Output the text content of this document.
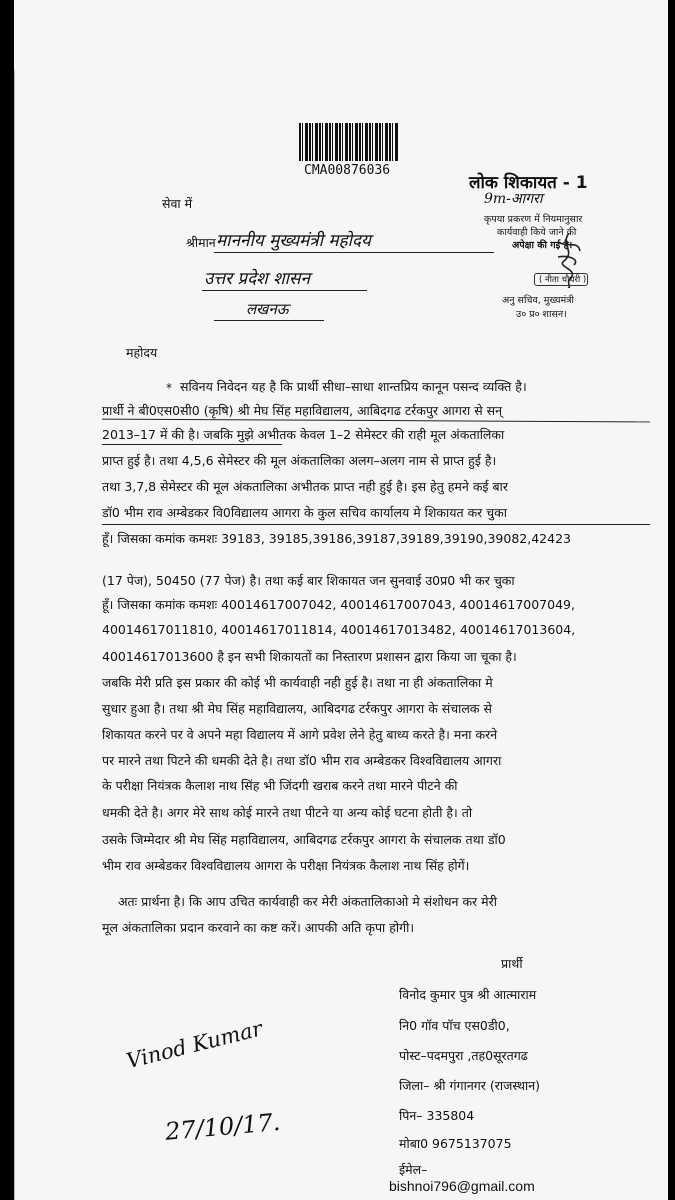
CMA00876036
लोक शिकायत - 1
9m-आगरा
कृपया प्रकरण में नियमानुसार
कार्यवाही किये जाने की
अपेक्षा की गई है।
( नीता चौधरी )
अनु सचिव, मुख्यमंत्री
उ० प्र० शासन।
सेवा में
श्रीमान माननीय मुख्यमंत्री महोदय
उत्तर प्रदेश शासन
लखनऊ
महोदय
* सविनय निवेदन यह है कि प्रार्थी सीधा–साधा शान्तप्रिय कानून पसन्द व्यक्ति है।
प्रार्थी ने बी0एस0सी0 (कृषि) श्री मेघ सिंह महाविद्यालय, आबिदगढ टर्रकपुर आगरा से सन्
2013–17 में की है। जबकि मुझे अभीतक केवल 1–2 सेमेस्टर की राही मूल अंकतालिका
प्राप्त हुई है। तथा 4,5,6 सेमेस्टर की मूल अंकतालिका अलग–अलग नाम से प्राप्त हुई है।
तथा 3,7,8 सेमेस्टर की मूल अंकतालिका अभीतक प्राप्त नही हुई है। इस हेतु हमने कई बार
डॉ0 भीम राव अम्बेडकर वि0विद्यालय आगरा के कुल सचिव कार्यालय मे शिकायत कर चुका
हूँ। जिसका कमांक कमशः 39183, 39185,39186,39187,39189,39190,39082,42423
(17 पेज), 50450 (77 पेज) है। तथा कई बार शिकायत जन सुनवाई उ0प्र0 भी कर चुका
हूँ। जिसका कमांक कमशः 40014617007042, 40014617007043, 40014617007049,
40014617011810, 40014617011814, 40014617013482, 40014617013604,
40014617013600 है इन सभी शिकायतों का निस्तारण प्रशासन द्वारा किया जा चूका है।
जबकि मेरी प्रति इस प्रकार की कोई भी कार्यवाही नही हुई है। तथा ना ही अंकतालिका मे
सुधार हुआ है। तथा श्री मेघ सिंह महाविद्यालय, आबिदगढ टर्रकपुर आगरा के संचालक से
शिकायत करने पर वे अपने महा विद्यालय में आगे प्रवेश लेने हेतु बाध्य करते है। मना करने
पर मारने तथा पिटने की धमकी देते है। तथा डॉ0 भीम राव अम्बेडकर विश्वविद्यालय आगरा
के परीक्षा नियंत्रक कैलाश नाथ सिंह भी जिंदगी खराब करने तथा मारने पीटने की
धमकी देते है। अगर मेरे साथ कोई मारने तथा पीटने या अन्य कोई घटना होती है। तो
उसके जिम्मेदार श्री मेघ सिंह महाविद्यालय, आबिदगढ टर्रकपुर आगरा के संचालक तथा डॉ0
भीम राव अम्बेडकर विश्वविद्यालय आगरा के परीक्षा नियंत्रक कैलाश नाथ सिंह होगें।
अतः प्रार्थना है। कि आप उचित कार्यवाही कर मेरी अंकतालिकाओ मे संशोधन कर मेरी
मूल अंकतालिका प्रदान करवाने का कष्ट करें। आपकी अति कृपा होगी।
प्रार्थी
विनोद कुमार पुत्र श्री आत्माराम
नि0 गॉव पॉच एस0डी0,
पोस्ट–पदमपुरा ,तह0सूरतगढ
जिला– श्री गंगानगर (राजस्थान)
पिन– 335804
मोबा0 9675137075
ईमेल–
bishnoi796@gmail.com
Vinod Kumar
27/10/17.
